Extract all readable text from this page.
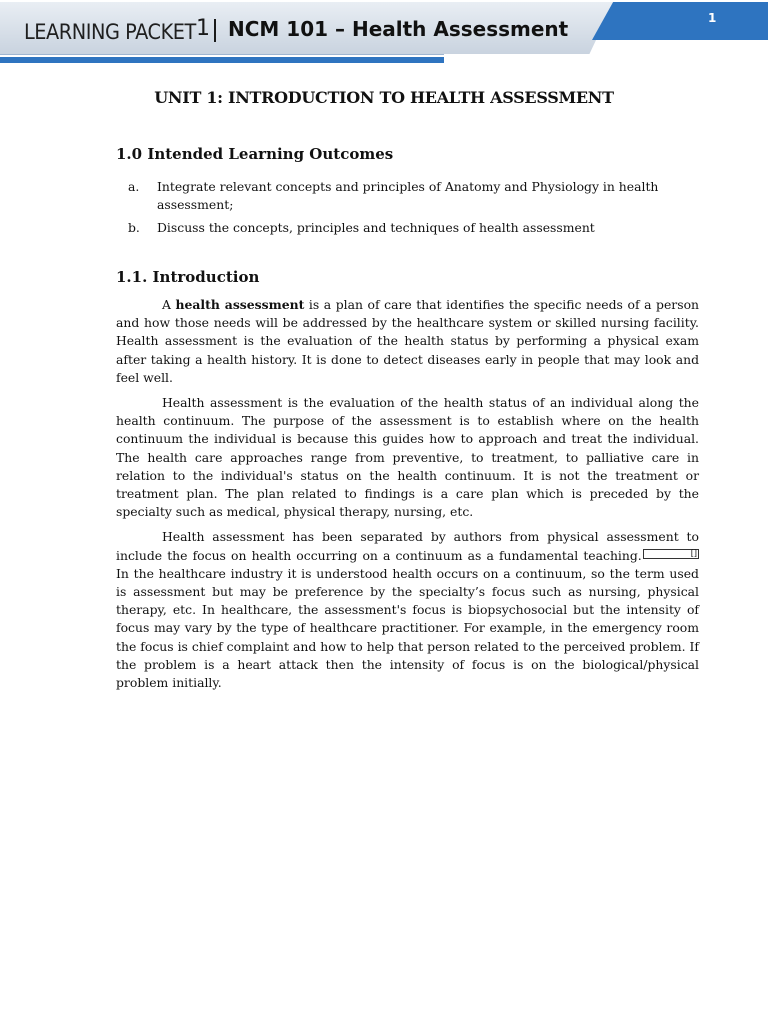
LEARNING PACKET 1 NCM 101 – Health Assessment	1
UNIT 1: INTRODUCTION TO HEALTH ASSESSMENT
1.0 Intended Learning Outcomes
a. Integrate relevant concepts and principles of Anatomy and Physiology in health assessment;
b. Discuss the concepts, principles and techniques of health assessment
1.1. Introduction

A health assessment is a plan of care that identifies the specific needs of a person and how those needs will be addressed by the healthcare system or skilled nursing facility. Health assessment is the evaluation of the health status by performing a physical exam after taking a health history. It is done to detect diseases early in people that may look and feel well.

Health assessment is the evaluation of the health status of an individual along the health continuum. The purpose of the assessment is to establish where on the health continuum the individual is because this guides how to approach and treat the individual. The health care approaches range from preventive, to treatment, to palliative care in relation to the individual's status on the health continuum. It is not the treatment or treatment plan. The plan related to findings is a care plan which is preceded by the specialty such as medical, physical therapy, nursing, etc.

Health assessment has been separated by authors from physical assessment to include the focus on health occurring on a continuum as a fundamental teaching.	[] In the healthcare industry it is understood health occurs on a continuum, so the term used is assessment but may be preference by the specialty’s focus such as nursing, physical therapy, etc. In healthcare, the assessment's focus is biopsychosocial but the intensity of focus may vary by the type of healthcare practitioner. For example, in the emergency room the focus is chief complaint and how to help that person related to the perceived problem. If the problem is a heart attack then the intensity of focus is on the biological/physical problem initially.
